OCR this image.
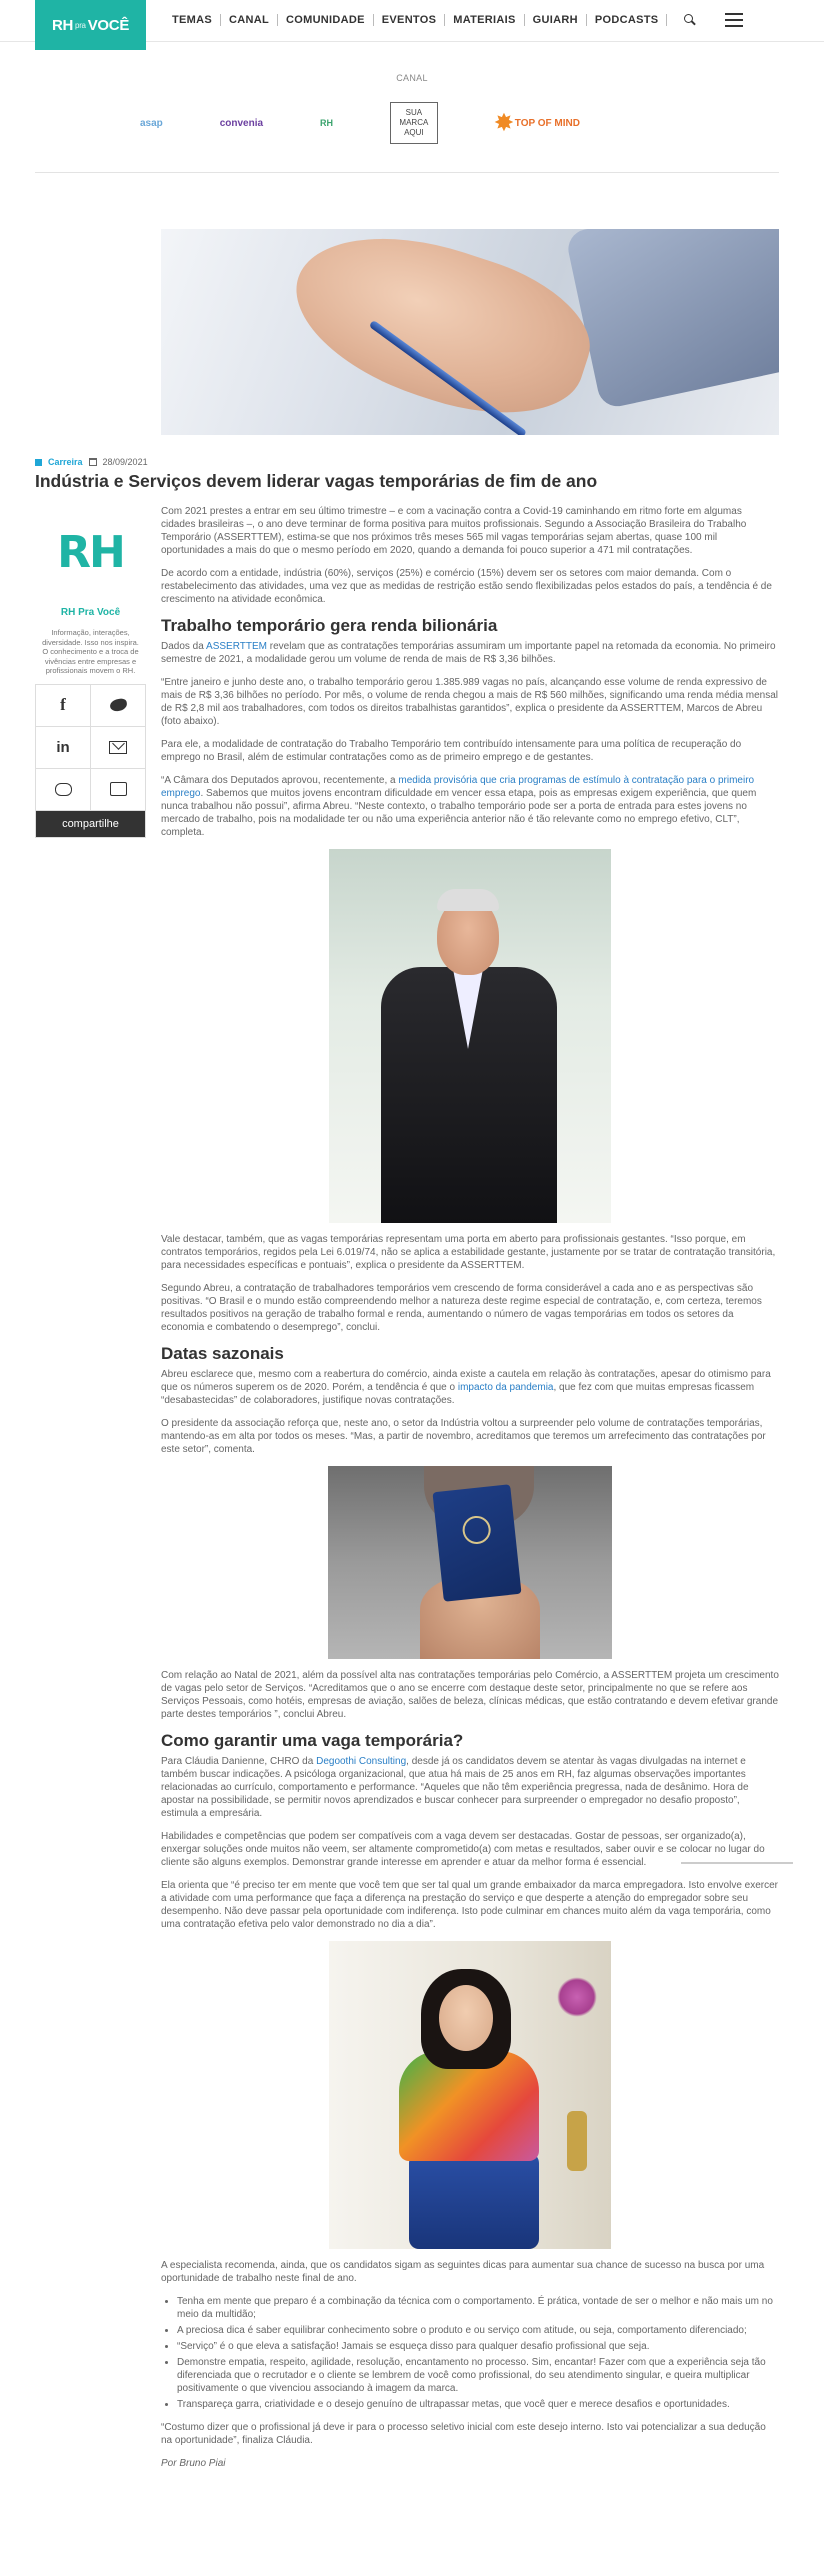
RH pra VOCÊ	TEMAS	CANAL	COMUNIDADE	EVENTOS	MATERIAIS	GUIARH	PODCASTS
CANAL
asap	convenia	RH
SUA MARCA AQUI	✸ TOP OF MIND
Carreira 28/09/2021
Indústria e Serviços devem liderar vagas temporárias de fim de ano
RH
RH Pra Você
Informação, interações, diversidade. Isso nos inspira. O conhecimento e a troca de vivências entre empresas e profissionais movem o RH.
f
in
compartilhe

Com 2021 prestes a entrar em seu último trimestre – e com a vacinação contra a Covid-19 caminhando em ritmo forte em algumas cidades brasileiras –, o ano deve terminar de forma positiva para muitos profissionais. Segundo a Associação Brasileira do Trabalho Temporário (ASSERTTEM), estima-se que nos próximos três meses 565 mil vagas temporárias sejam abertas, quase 100 mil oportunidades a mais do que o mesmo período em 2020, quando a demanda foi pouco superior a 471 mil contratações.

De acordo com a entidade, indústria (60%), serviços (25%) e comércio (15%) devem ser os setores com maior demanda. Com o restabelecimento das atividades, uma vez que as medidas de restrição estão sendo flexibilizadas pelos estados do país, a tendência é de crescimento na atividade econômica.

Trabalho temporário gera renda bilionária

Dados da ASSERTTEM revelam que as contratações temporárias assumiram um importante papel na retomada da economia. No primeiro semestre de 2021, a modalidade gerou um volume de renda de mais de R$ 3,36 bilhões.

“Entre janeiro e junho deste ano, o trabalho temporário gerou 1.385.989 vagas no país, alcançando esse volume de renda expressivo de mais de R$ 3,36 bilhões no período. Por mês, o volume de renda chegou a mais de R$ 560 milhões, significando uma renda média mensal de R$ 2,8 mil aos trabalhadores, com todos os direitos trabalhistas garantidos”, explica o presidente da ASSERTTEM, Marcos de Abreu (foto abaixo).

Para ele, a modalidade de contratação do Trabalho Temporário tem contribuído intensamente para uma política de recuperação do emprego no Brasil, além de estimular contratações como as de primeiro emprego e de gestantes.

“A Câmara dos Deputados aprovou, recentemente, a medida provisória que cria programas de estímulo à contratação para o primeiro emprego. Sabemos que muitos jovens encontram dificuldade em vencer essa etapa, pois as empresas exigem experiência, que quem nunca trabalhou não possui”, afirma Abreu. “Neste contexto, o trabalho temporário pode ser a porta de entrada para estes jovens no mercado de trabalho, pois na modalidade ter ou não uma experiência anterior não é tão relevante como no emprego efetivo, CLT”, completa.

Vale destacar, também, que as vagas temporárias representam uma porta em aberto para profissionais gestantes. “Isso porque, em contratos temporários, regidos pela Lei 6.019/74, não se aplica a estabilidade gestante, justamente por se tratar de contratação transitória, para necessidades específicas e pontuais”, explica o presidente da ASSERTTEM.

Segundo Abreu, a contratação de trabalhadores temporários vem crescendo de forma considerável a cada ano e as perspectivas são positivas. “O Brasil e o mundo estão compreendendo melhor a natureza deste regime especial de contratação, e, com certeza, teremos resultados positivos na geração de trabalho formal e renda, aumentando o número de vagas temporárias em todos os setores da economia e combatendo o desemprego”, conclui.

Datas sazonais

Abreu esclarece que, mesmo com a reabertura do comércio, ainda existe a cautela em relação às contratações, apesar do otimismo para que os números superem os de 2020. Porém, a tendência é que o impacto da pandemia, que fez com que muitas empresas ficassem “desabastecidas” de colaboradores, justifique novas contratações.

O presidente da associação reforça que, neste ano, o setor da Indústria voltou a surpreender pelo volume de contratações temporárias, mantendo-as em alta por todos os meses. “Mas, a partir de novembro, acreditamos que teremos um arrefecimento das contratações por este setor”, comenta.

Com relação ao Natal de 2021, além da possível alta nas contratações temporárias pelo Comércio, a ASSERTTEM projeta um crescimento de vagas pelo setor de Serviços. “Acreditamos que o ano se encerre com destaque deste setor, principalmente no que se refere aos Serviços Pessoais, como hotéis, empresas de aviação, salões de beleza, clínicas médicas, que estão contratando e devem efetivar grande parte destes temporários ”, conclui Abreu.

Como garantir uma vaga temporária?

Para Cláudia Danienne, CHRO da Degoothi Consulting, desde já os candidatos devem se atentar às vagas divulgadas na internet e também buscar indicações. A psicóloga organizacional, que atua há mais de 25 anos em RH, faz algumas observações importantes relacionadas ao currículo, comportamento e performance. “Aqueles que não têm experiência pregressa, nada de desânimo. Hora de apostar na possibilidade, se permitir novos aprendizados e buscar conhecer para surpreender o empregador no desafio proposto”, estimula a empresária.

Habilidades e competências que podem ser compatíveis com a vaga devem ser destacadas. Gostar de pessoas, ser organizado(a), enxergar soluções onde muitos não veem, ser altamente comprometido(a) com metas e resultados, saber ouvir e se colocar no lugar do cliente são alguns exemplos. Demonstrar grande interesse em aprender e atuar da melhor forma é essencial.

Ela orienta que “é preciso ter em mente que você tem que ser tal qual um grande embaixador da marca empregadora. Isto envolve exercer a atividade com uma performance que faça a diferença na prestação do serviço e que desperte a atenção do empregador sobre seu desempenho. Não deve passar pela oportunidade com indiferença. Isto pode culminar em chances muito além da vaga temporária, como uma contratação efetiva pelo valor demonstrado no dia a dia”.

A especialista recomenda, ainda, que os candidatos sigam as seguintes dicas para aumentar sua chance de sucesso na busca por uma oportunidade de trabalho neste final de ano.

• Tenha em mente que preparo é a combinação da técnica com o comportamento. É prática, vontade de ser o melhor e não mais um no meio da multidão;
• A preciosa dica é saber equilibrar conhecimento sobre o produto e ou serviço com atitude, ou seja, comportamento diferenciado;
• “Serviço” é o que eleva a satisfação! Jamais se esqueça disso para qualquer desafio profissional que seja.
• Demonstre empatia, respeito, agilidade, resolução, encantamento no processo. Sim, encantar! Fazer com que a experiência seja tão diferenciada que o recrutador e o cliente se lembrem de você como profissional, do seu atendimento singular, e queira multiplicar positivamente o que vivenciou associando à imagem da marca.
• Transpareça garra, criatividade e o desejo genuíno de ultrapassar metas, que você quer e merece desafios e oportunidades.

“Costumo dizer que o profissional já deve ir para o processo seletivo inicial com este desejo interno. Isto vai potencializar a sua dedução na oportunidade”, finaliza Cláudia.

Por Bruno Piai
